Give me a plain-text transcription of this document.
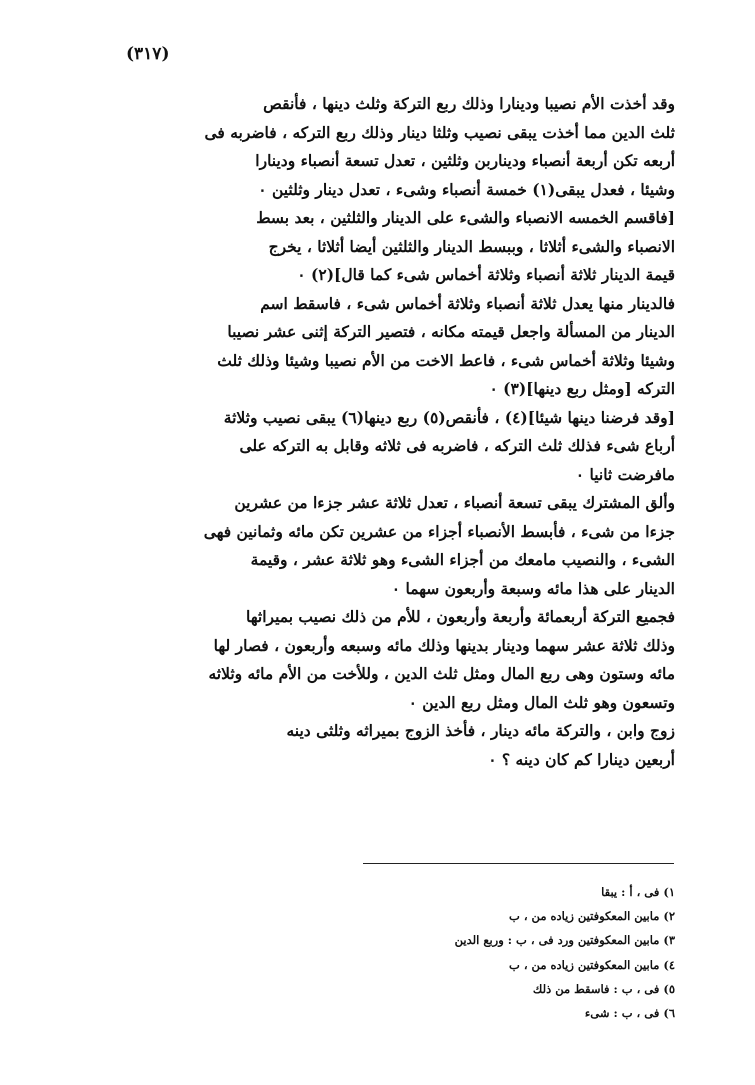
(٣١٧)
وقد أخذت الأم نصيبا ودينارا وذلك ربع التركة وثلث دينها ، فأنقص
ثلث الدين مما أخذت يبقى نصيب وثلثا دينار وذلك ربع التركه ، فاضربه فى
أربعه تكن أربعة أنصباء وديناربن وثلثين ، تعدل تسعة أنصباء ودينارا
وشيئا ، فعدل يبقى(١) خمسة أنصباء وشىء ، تعدل دينار وثلثين ٠
[فاقسم الخمسه الانصباء والشىء على الدينار والثلثين ، بعد بسط
الانصباء والشىء أثلاثا ، وببسط الدينار والثلثين أيضا أثلاثا ، يخرج
قيمة الدينار ثلاثة أنصباء وثلاثة أخماس شىء كما قال](٢) ٠
فالدينار منها يعدل ثلاثة أنصباء وثلاثة أخماس شىء ، فاسقط اسم
الدينار من المسألة واجعل قيمته مكانه ، فتصير التركة إثنى عشر نصيبا
وشيئا وثلاثة أخماس شىء ، فاعط الاخت من الأم نصيبا وشيئا وذلك ثلث
التركه [ومثل ربع دينها](٣) ٠
[وقد فرضنا دينها شيئا](٤) ، فأنقص(٥) ربع دينها(٦) يبقى نصيب وثلاثة
أرباع شىء فذلك ثلث التركه ، فاضربه فى ثلاثه وقابل به التركه على
مافرضت ثانيا ٠
وألق المشترك يبقى تسعة أنصباء ، تعدل ثلاثة عشر جزءا من عشرين
جزءا من شىء ، فأبسط الأنصباء أجزاء من عشرين تكن مائه وثمانين فهى
الشىء ، والنصيب مامعك من أجزاء الشىء وهو ثلاثة عشر ، وقيمة
الدينار على هذا مائه وسبعة وأربعون سهما ٠
فجميع التركة أربعمائة وأربعة وأربعون ، للأم من ذلك نصيب بميراثها
وذلك ثلاثة عشر سهما ودينار بدينها وذلك مائه وسبعه وأربعون ، فصار لها
مائه وستون وهى ربع المال ومثل ثلث الدين ، وللأخت من الأم مائه وثلاثه
وتسعون وهو ثلث المال ومثل ربع الدين ٠
زوج وابن ، والتركة مائه دينار ، فأخذ الزوج بميراثه وثلثى دينه
أربعين دينارا كم كان دينه ؟ ٠
١) فى ، أ : يبقا
٢) مابين المعكوفتين زياده من ، ب
٣) مابين المعكوفتين ورد فى ، ب : وربع الدين
٤) مابين المعكوفتين زياده من ، ب
٥) فى ، ب : فاسقط من ذلك
٦) فى ، ب : شىء
